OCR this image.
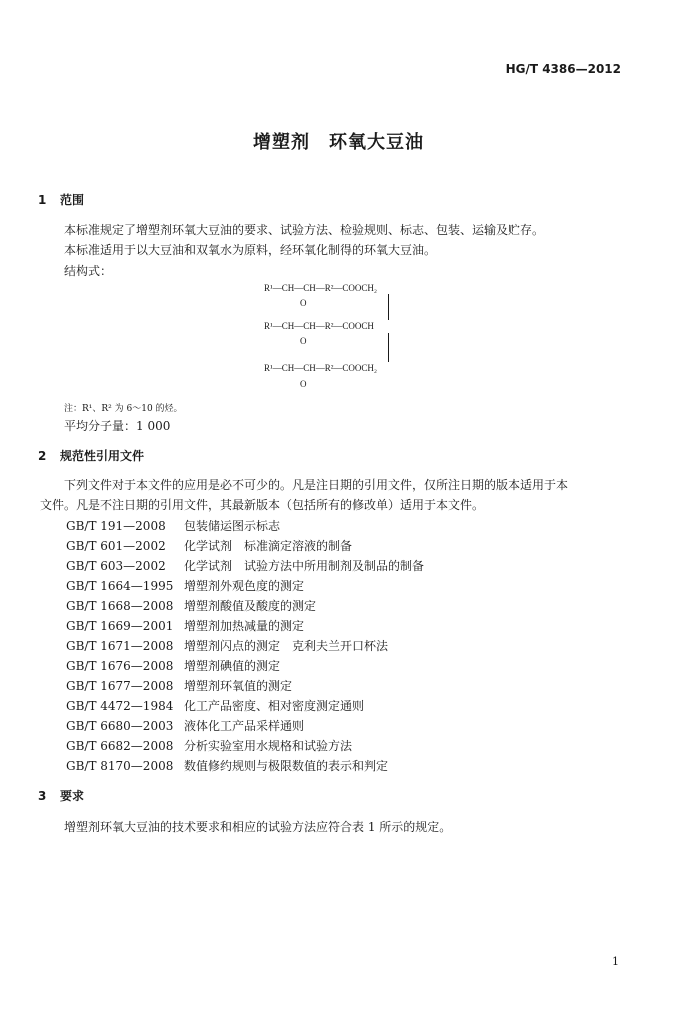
HG/T 4386—2012
增塑剂　环氧大豆油
1 范围
本标准规定了增塑剂环氧大豆油的要求、试验方法、检验规则、标志、包装、运输及贮存。
本标准适用于以大豆油和双氧水为原料，经环氧化制得的环氧大豆油。
结构式：
R¹—CH—CH—R²—COOCH₂
O
R¹—CH—CH—R²—COOCH
O
R¹—CH—CH—R²—COOCH₂
O
注：R¹、R² 为 6～10 的烃。
平均分子量：1 000
2 规范性引用文件
下列文件对于本文件的应用是必不可少的。凡是注日期的引用文件，仅所注日期的版本适用于本
文件。凡是不注日期的引用文件，其最新版本（包括所有的修改单）适用于本文件。
GB/T 191—2008 包装储运图示标志
GB/T 601—2002 化学试剂　标准滴定溶液的制备
GB/T 603—2002 化学试剂　试验方法中所用制剂及制品的制备
GB/T 1664—1995 增塑剂外观色度的测定
GB/T 1668—2008 增塑剂酸值及酸度的测定
GB/T 1669—2001 增塑剂加热减量的测定
GB/T 1671—2008 增塑剂闪点的测定　克利夫兰开口杯法
GB/T 1676—2008 增塑剂碘值的测定
GB/T 1677—2008 增塑剂环氧值的测定
GB/T 4472—1984 化工产品密度、相对密度测定通则
GB/T 6680—2003 液体化工产品采样通则
GB/T 6682—2008 分析实验室用水规格和试验方法
GB/T 8170—2008 数值修约规则与极限数值的表示和判定
3 要求
增塑剂环氧大豆油的技术要求和相应的试验方法应符合表 1 所示的规定。
1
